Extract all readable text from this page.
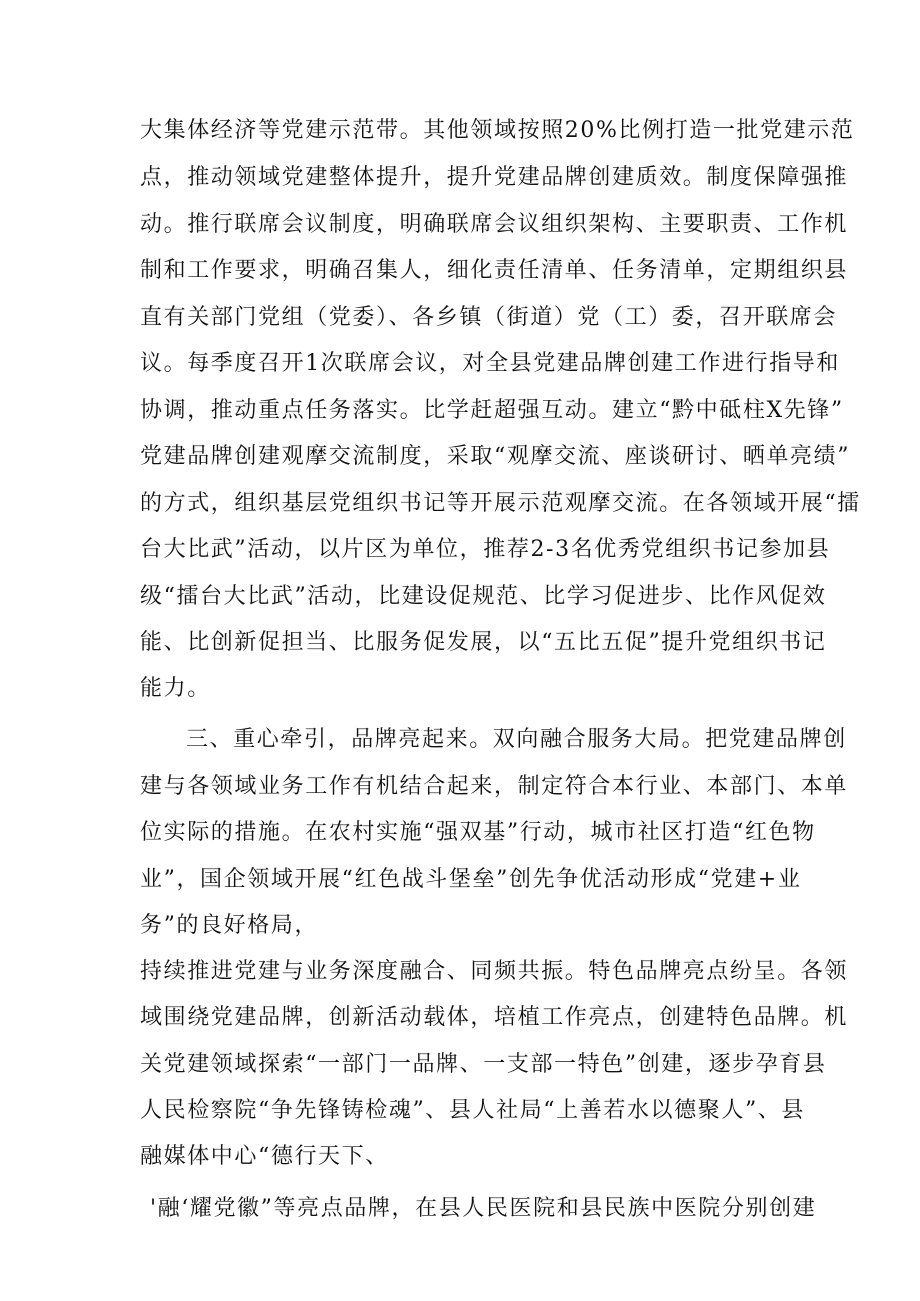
大集体经济等党建示范带。其他领域按照20%比例打造一批党建示范
点，推动领域党建整体提升，提升党建品牌创建质效。制度保障强推
动。推行联席会议制度，明确联席会议组织架构、主要职责、工作机
制和工作要求，明确召集人，细化责任清单、任务清单，定期组织县
直有关部门党组（党委）、各乡镇（街道）党（工）委，召开联席会
议。每季度召开1次联席会议，对全县党建品牌创建工作进行指导和
协调，推动重点任务落实。比学赶超强互动。建立“黔中砥柱X先锋”
党建品牌创建观摩交流制度，采取“观摩交流、座谈研讨、晒单亮绩”
的方式，组织基层党组织书记等开展示范观摩交流。在各领域开展“擂
台大比武”活动，以片区为单位，推荐2-3名优秀党组织书记参加县
级“擂台大比武”活动，比建设促规范、比学习促进步、比作风促效
能、比创新促担当、比服务促发展，以“五比五促”提升党组织书记
能力。
三、重心牵引，品牌亮起来。双向融合服务大局。把党建品牌创
建与各领域业务工作有机结合起来，制定符合本行业、本部门、本单
位实际的措施。在农村实施“强双基”行动，城市社区打造“红色物
业”，国企领域开展“红色战斗堡垒”创先争优活动形成“党建+业
务”的良好格局，
持续推进党建与业务深度融合、同频共振。特色品牌亮点纷呈。各领
域围绕党建品牌，创新活动载体，培植工作亮点，创建特色品牌。机
关党建领域探索“一部门一品牌、一支部一特色”创建，逐步孕育县
人民检察院“争先锋铸检魂”、县人社局“上善若水以德聚人”、县
融媒体中心“德行天下、
'融‘耀党徽”等亮点品牌，在县人民医院和县民族中医院分别创建
